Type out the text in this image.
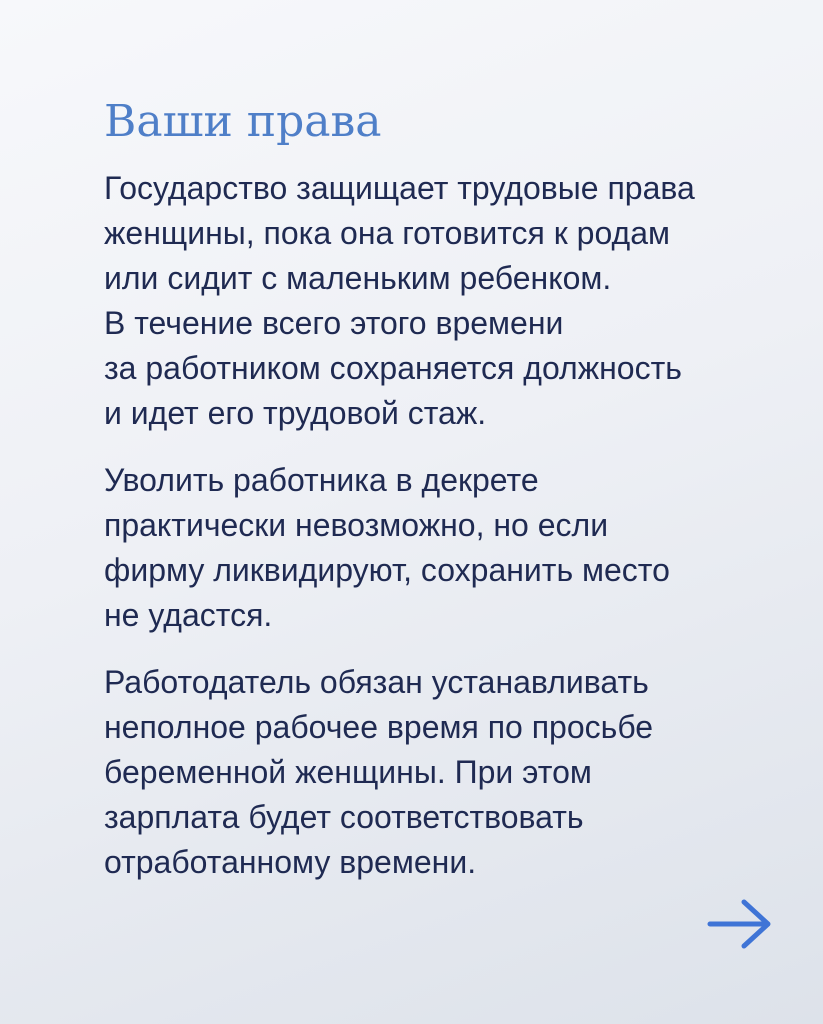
Ваши права

Государство защищает трудовые права
женщины, пока она готовится к родам
или сидит с маленьким ребенком.
В течение всего этого времени
за работником сохраняется должность
и идет его трудовой стаж.

Уволить работника в декрете
практически невозможно, но если
фирму ликвидируют, сохранить место
не удастся.

Работодатель обязан устанавливать
неполное рабочее время по просьбе
беременной женщины. При этом
зарплата будет соответствовать
отработанному времени.
